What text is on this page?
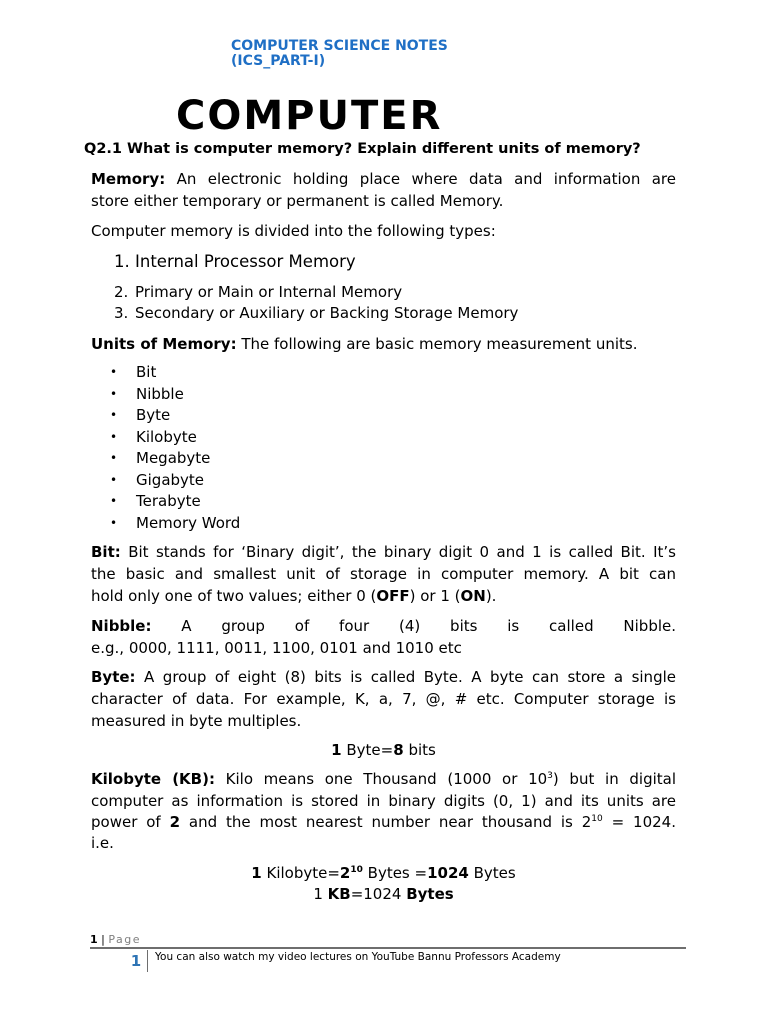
COMPUTER SCIENCE NOTES
(ICS_PART-I)
COMPUTER
Q2.1 What is computer memory? Explain different units of memory?
Memory: An electronic holding place where data and information are
store either temporary or permanent is called Memory.
Computer memory is divided into the following types:
1. Internal Processor Memory
2. Primary or Main or Internal Memory
3. Secondary or Auxiliary or Backing Storage Memory
Units of Memory: The following are basic memory measurement units.
• Bit
• Nibble
• Byte
• Kilobyte
• Megabyte
• Gigabyte
• Terabyte
• Memory Word
Bit: Bit stands for ‘Binary digit’, the binary digit 0 and 1 is called Bit. It’s
the basic and smallest unit of storage in computer memory. A bit can
hold only one of two values; either 0 (OFF) or 1 (ON).
Nibble: A group of four (4) bits is called Nibble.
e.g., 0000, 1111, 0011, 1100, 0101 and 1010 etc
Byte: A group of eight (8) bits is called Byte. A byte can store a single
character of data. For example, K, a, 7, @, # etc. Computer storage is
measured in byte multiples.
1 Byte=8 bits
Kilobyte (KB): Kilo means one Thousand (1000 or $10^3$) but in digital
computer as information is stored in binary digits (0, 1) and its units are
power of 2 and the most nearest number near thousand is $2^{10} = 1024$.
i.e.
1 $Kilobyte=2^{10}$ Bytes =1024 Bytes
1 KB=1024 Bytes
1 | Page
1	You can also watch my video lectures on YouTube Bannu Professors Academy
